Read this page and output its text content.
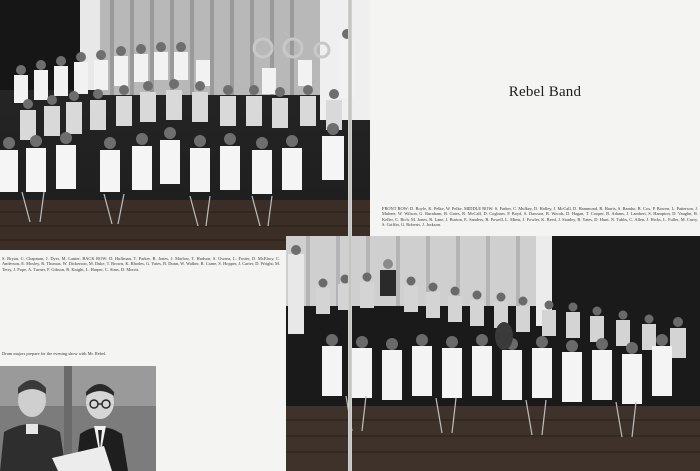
Rebel Band
FRONT ROW: D. Boyle, K. Pelke, W. Pelke, MIDDLE ROW: S. Parker, C. Mulkey, D. Holley, J. McCall, D. Hammond, R. Harris, S. Rambo, B. Cox, P. Bowen, L. Patterson, J. Malone, W. Wilson, G. Burnham, B. Gates, R. McCall, D. Cogburn, P. Boyd, S. Dawson, B. Woods, D. Hagan, T. Cooper, B. Adams, J. Lambert, S. Hampton, D. Vaughn, R. Keller, C. Rich, M. Jones, R. Lane, J. Burton, E. Sanders, B. Powell, L. Mims, J. Fowler, K. Reed, J. Stanley, B. Yates, D. Hunt, N. Tubbs, C. Allen, J. Hicks, L. Fuller, M. Curry, S. Griffin, G. Roberts, J. Jackson.
S. Bryan, C. Chapman, J. Dyer, M. Lanier, BACK ROW: D. Huffman, T. Parker, B. Jones, J. Marlow, T. Hudson, S. Owens, L. Foster, D. McElroy, C. Anderson, E. Mosley, R. Thomas, W. Dickerson, M. Duke, T. Brown, K. Rhodes, G. Yates, B. Dunn, W. Walker, R. Crane, S. Hopper, J. Carter, D. Wright, M. Terry, J. Pope, A. Turner, F. Gibson, B. Knight, L. Harper, C. Sims, D. Morris.
Drum majors prepare for the evening show with Mr. Rebel.
